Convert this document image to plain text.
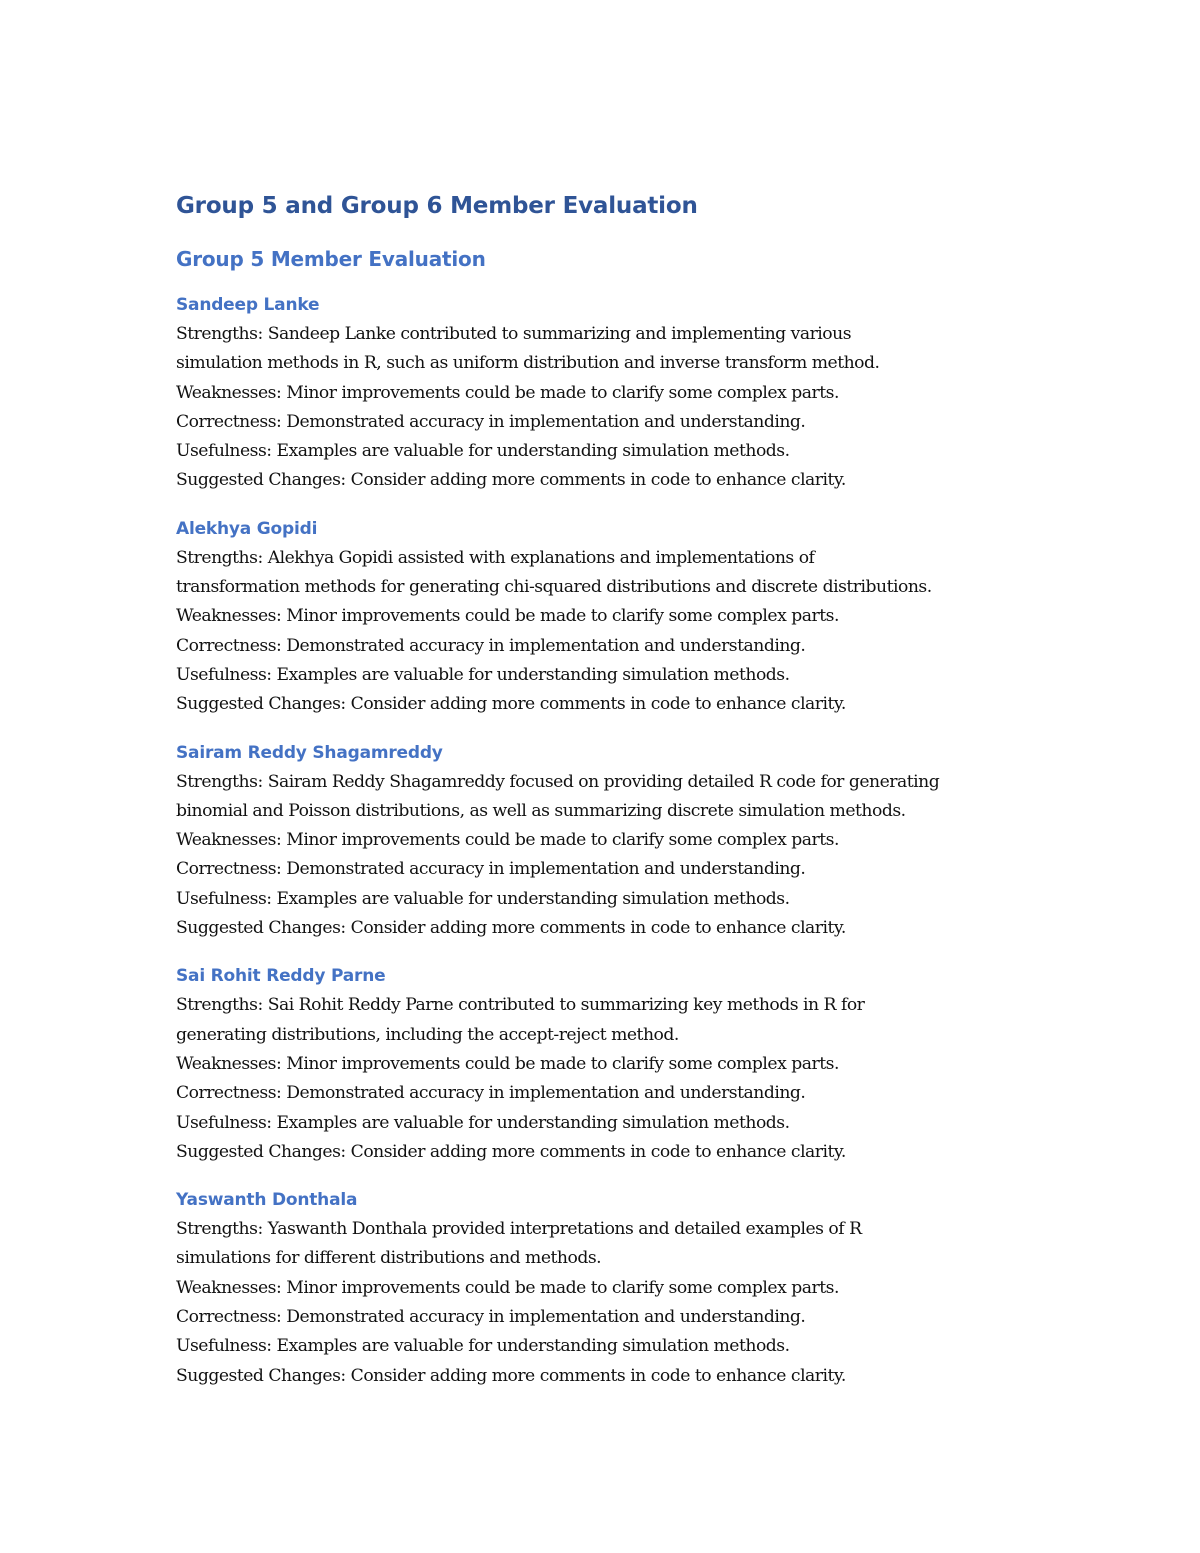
Group 5 and Group 6 Member Evaluation
Group 5 Member Evaluation
Sandeep Lanke

Strengths: Sandeep Lanke contributed to summarizing and implementing various

simulation methods in R, such as uniform distribution and inverse transform method.

Weaknesses: Minor improvements could be made to clarify some complex parts.

Correctness: Demonstrated accuracy in implementation and understanding.

Usefulness: Examples are valuable for understanding simulation methods.

Suggested Changes: Consider adding more comments in code to enhance clarity.

Alekhya Gopidi

Strengths: Alekhya Gopidi assisted with explanations and implementations of

transformation methods for generating chi-squared distributions and discrete distributions.

Weaknesses: Minor improvements could be made to clarify some complex parts.

Correctness: Demonstrated accuracy in implementation and understanding.

Usefulness: Examples are valuable for understanding simulation methods.

Suggested Changes: Consider adding more comments in code to enhance clarity.

Sairam Reddy Shagamreddy

Strengths: Sairam Reddy Shagamreddy focused on providing detailed R code for generating

binomial and Poisson distributions, as well as summarizing discrete simulation methods.

Weaknesses: Minor improvements could be made to clarify some complex parts.

Correctness: Demonstrated accuracy in implementation and understanding.

Usefulness: Examples are valuable for understanding simulation methods.

Suggested Changes: Consider adding more comments in code to enhance clarity.

Sai Rohit Reddy Parne

Strengths: Sai Rohit Reddy Parne contributed to summarizing key methods in R for

generating distributions, including the accept-reject method.

Weaknesses: Minor improvements could be made to clarify some complex parts.

Correctness: Demonstrated accuracy in implementation and understanding.

Usefulness: Examples are valuable for understanding simulation methods.

Suggested Changes: Consider adding more comments in code to enhance clarity.

Yaswanth Donthala

Strengths: Yaswanth Donthala provided interpretations and detailed examples of R

simulations for different distributions and methods.

Weaknesses: Minor improvements could be made to clarify some complex parts.

Correctness: Demonstrated accuracy in implementation and understanding.

Usefulness: Examples are valuable for understanding simulation methods.

Suggested Changes: Consider adding more comments in code to enhance clarity.
